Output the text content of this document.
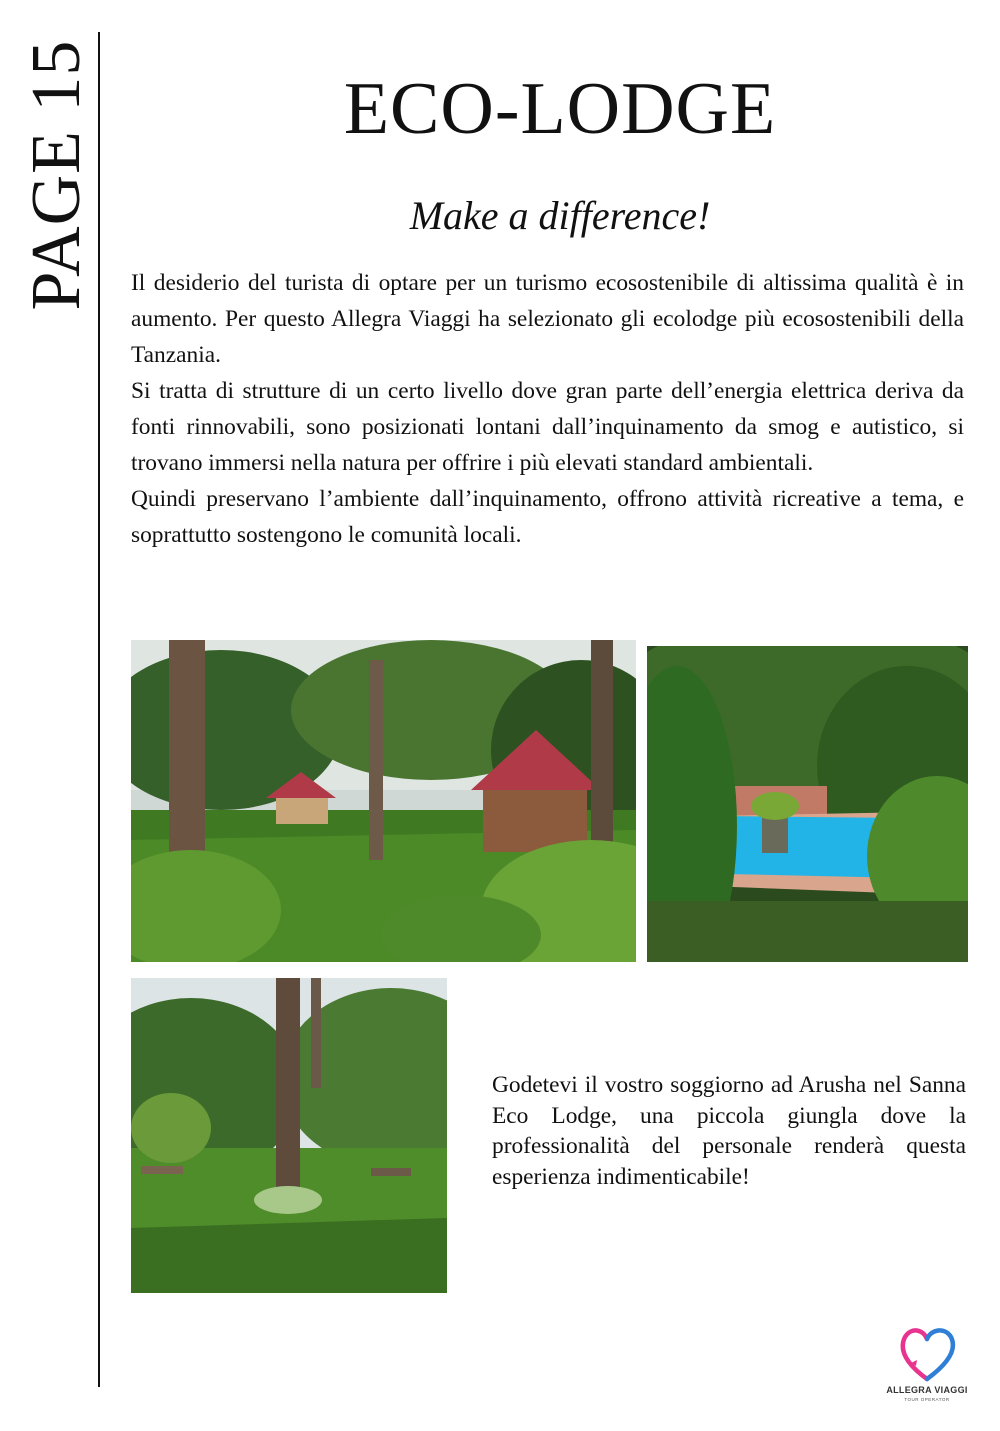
PAGE 15	ECO-LODGE
Make a difference!

Il desiderio del turista di optare per un turismo ecosostenibile di altissima qualità è in aumento. Per questo Allegra Viaggi ha selezionato gli ecolodge più ecosostenibili della Tanzania.

Si tratta di strutture di un certo livello dove gran parte dell’energia elettrica deriva da fonti rinnovabili, sono posizionati lontani dall’inquinamento da smog e autistico, si trovano immersi nella natura per offrire i più elevati standard ambientali.

Quindi preservano l’ambiente dall’inquinamento, offrono attività ricreative a tema, e soprattutto sostengono le comunità locali.

Godetevi il vostro soggiorno ad Arusha nel Sanna Eco Lodge, una piccola giungla dove la professionalità del personale renderà questa esperienza indimenticabile!

ALLEGRA VIAGGI
TOUR OPERATOR
